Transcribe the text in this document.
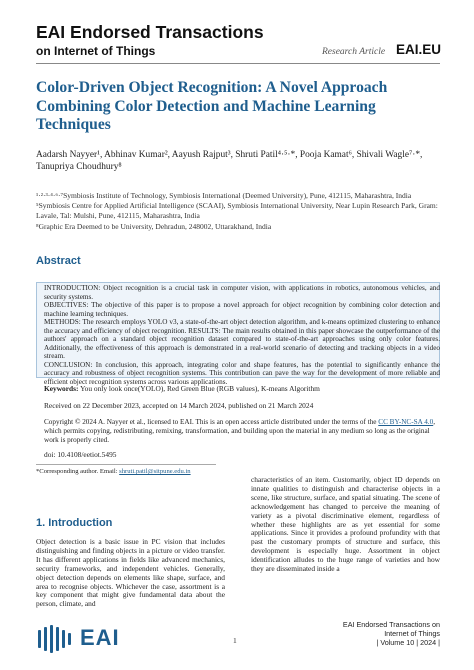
EAI Endorsed Transactions
on Internet of Things	Research Article EAI.EU
Color-Driven Object Recognition: A Novel Approach Combining Color Detection and Machine Learning Techniques
Aadarsh Nayyer¹, Abhinav Kumar², Aayush Rajput³, Shruti Patil⁴·⁵·*, Pooja Kamat⁶, Shivali Wagle⁷·*,
Tanupriya Choudhury⁸
¹·²·³·⁴·⁶·⁷Symbiosis Institute of Technology, Symbiosis International (Deemed University), Pune, 412115, Maharashtra, India
⁵Symbiosis Centre for Applied Artificial Intelligence (SCAAI), Symbiosis International University, Near Lupin Research Park, Gram: Lavale, Tal: Mulshi, Pune, 412115, Maharashtra, India
⁸Graphic Era Deemed to be University, Dehradun, 248002, Uttarakhand, India
Abstract
INTRODUCTION: Object recognition is a crucial task in computer vision, with applications in robotics, autonomous vehicles, and security systems.
OBJECTIVES: The objective of this paper is to propose a novel approach for object recognition by combining color detection and machine learning techniques.
METHODS: The research employs YOLO v3, a state-of-the-art object detection algorithm, and k-means optimized clustering to enhance the accuracy and efficiency of object recognition. RESULTS: The main results obtained in this paper showcase the outperformance of the authors' approach on a standard object recognition dataset compared to state-of-the-art approaches using only color features. Additionally, the effectiveness of this approach is demonstrated in a real-world scenario of detecting and tracking objects in a video stream.
CONCLUSION: In conclusion, this approach, integrating color and shape features, has the potential to significantly enhance the accuracy and robustness of object recognition systems. This contribution can pave the way for the development of more reliable and efficient object recognition systems across various applications.
Keywords: You only look once(YOLO), Red Green Blue (RGB values), K-means Algorithm
Received on 22 December 2023, accepted on 14 March 2024, published on 21 March 2024
Copyright © 2024 A. Nayyer et al., licensed to EAI. This is an open access article distributed under the terms of the CC BY-NC-SA 4.0, which permits copying, redistributing, remixing, transformation, and building upon the material in any medium so long as the original work is properly cited.
doi: 10.4108/eetiot.5495
*Corresponding author. Email: shruti.patil@sitpune.edu.in
1. Introduction
Object detection is a basic issue in PC vision that includes distinguishing and finding objects in a picture or video transfer. It has different applications in fields like advanced mechanics, security frameworks, and independent vehicles. Generally, object detection depends on elements like shape, surface, and area to recognise objects. Whichever the case, assortment is a key component that might give fundamental data about the person, climate, and
characteristics of an item. Customarily, object ID depends on innate qualities to distinguish and characterise objects in a scene, like structure, surface, and spatial situating. The scene of acknowledgement has changed to perceive the meaning of variety as a pivotal discriminative element, regardless of whether these highlights are as yet essential for some applications. Since it provides a profound profundity with that past the customary prompts of structure and surface, this development is especially huge. Assortment in object identification alludes to the huge range of varieties and how they are disseminated inside a
EAI	1
EAI Endorsed Transactions on
Internet of Things
| Volume 10 | 2024 |
